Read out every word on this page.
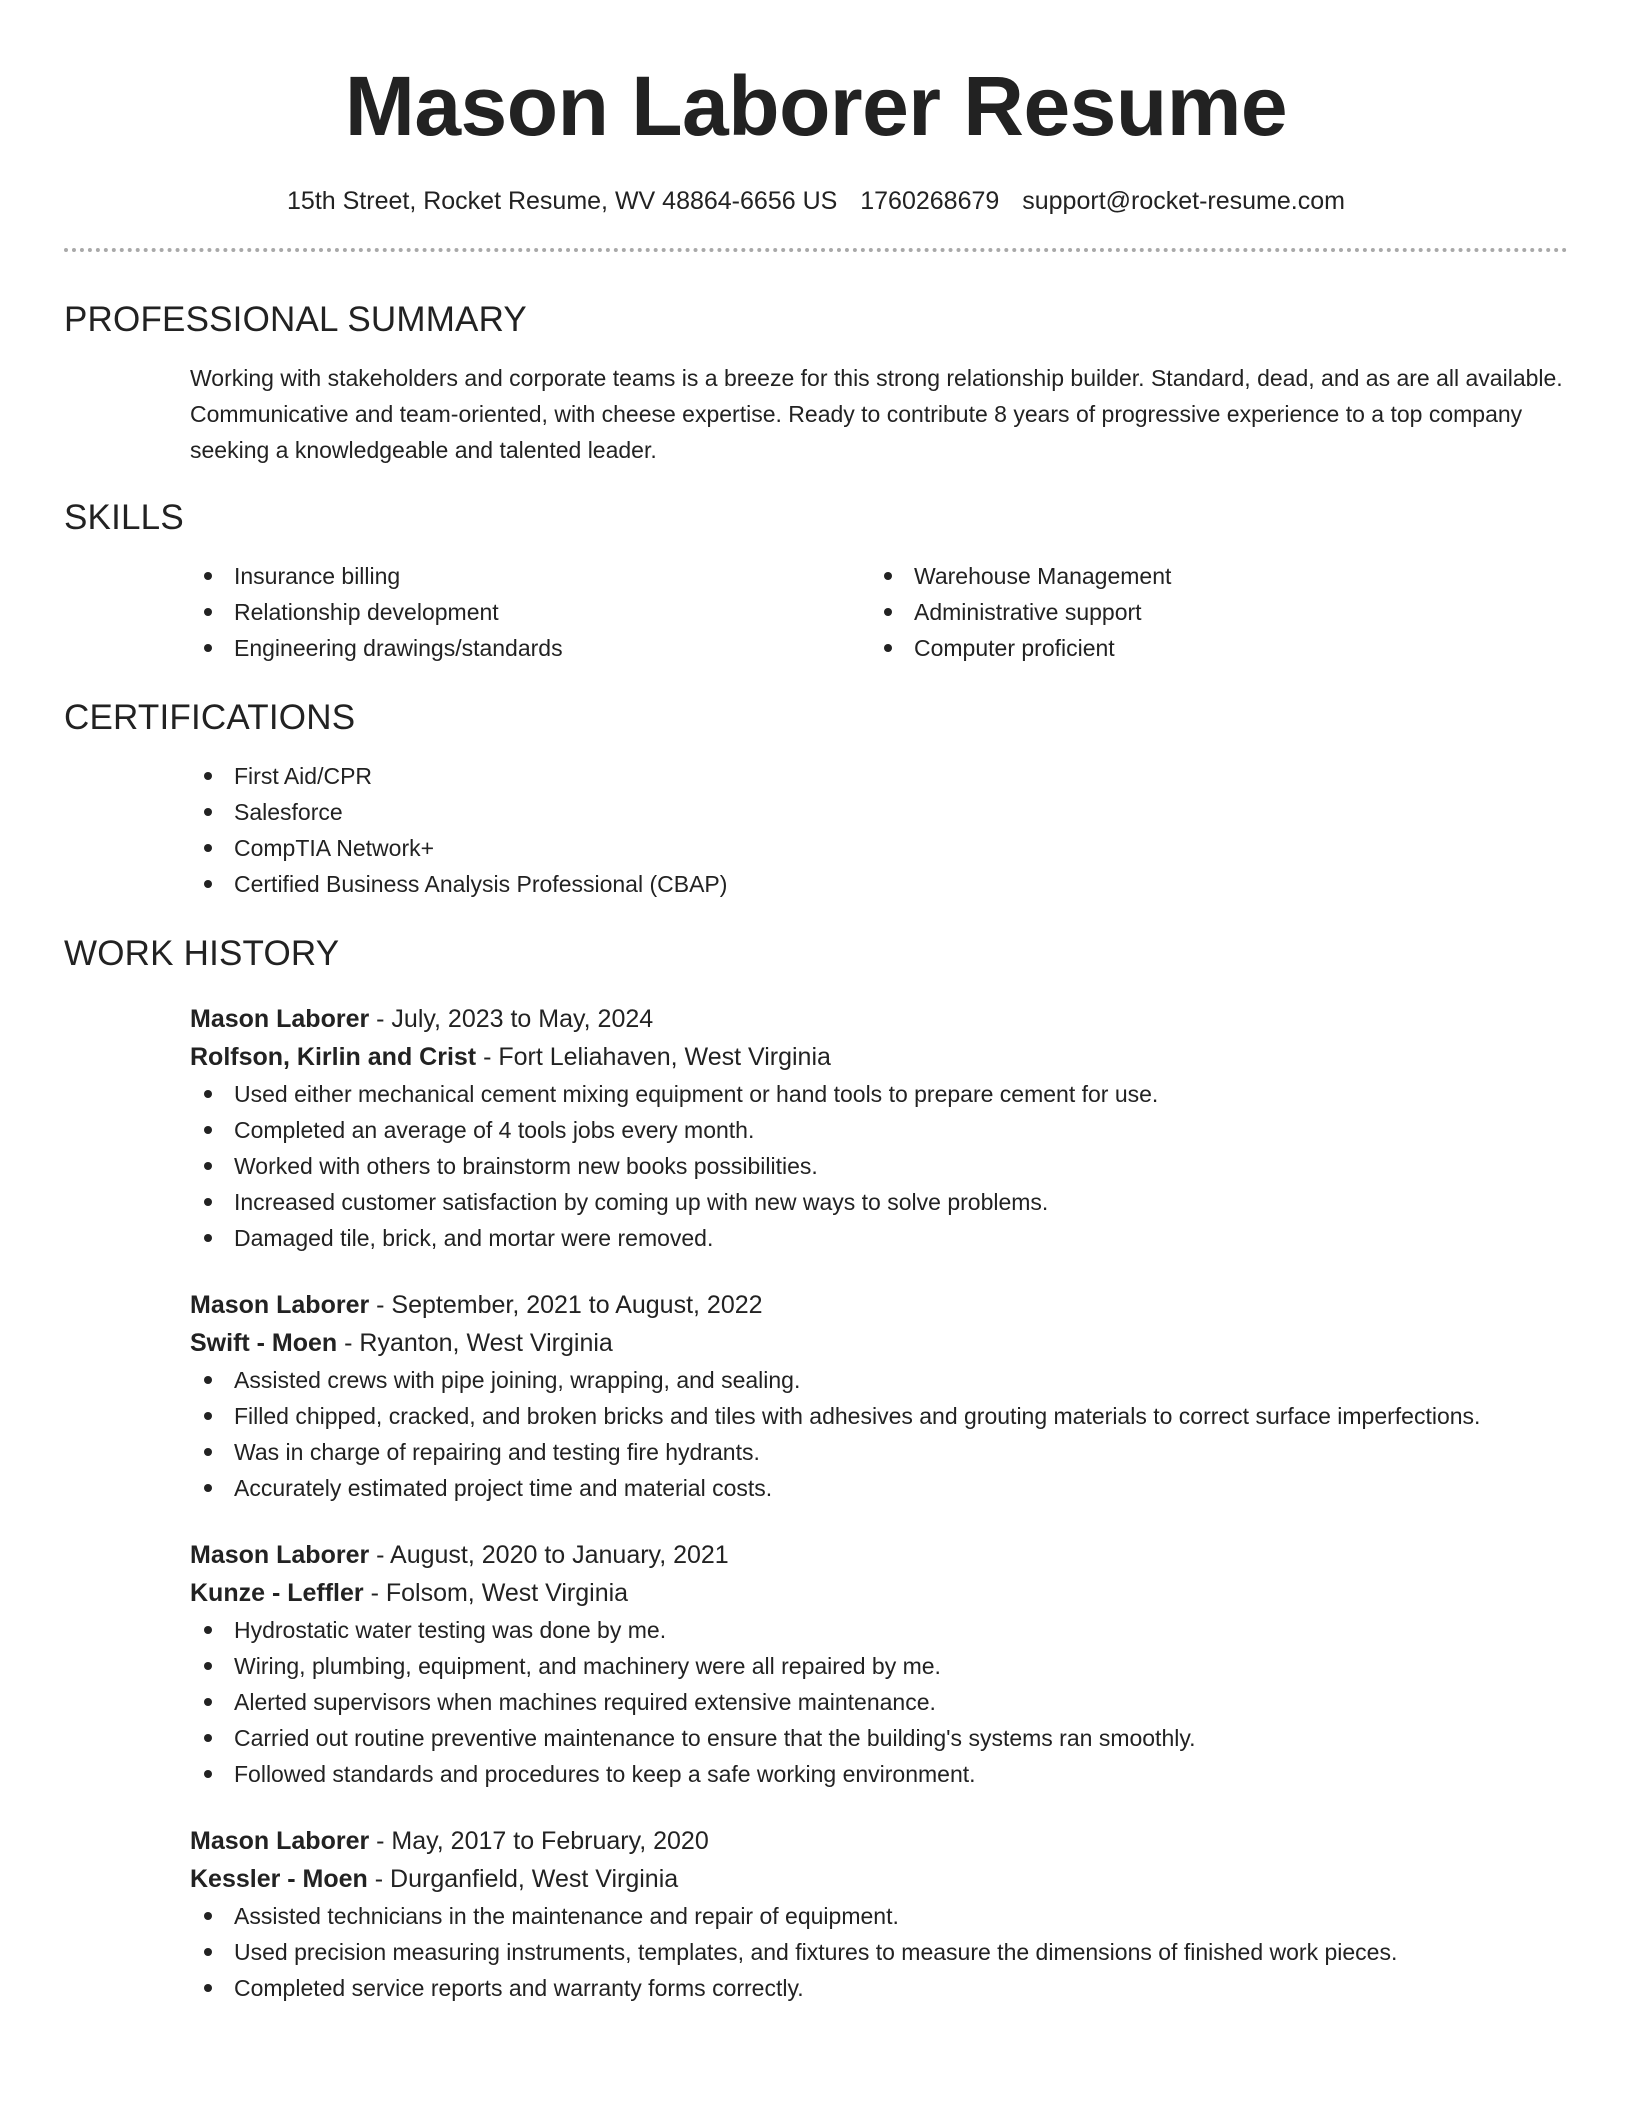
Mason Laborer Resume
15th Street, Rocket Resume, WV 48864-6656 US 1760268679 support@rocket-resume.com
PROFESSIONAL SUMMARY
Working with stakeholders and corporate teams is a breeze for this strong relationship builder. Standard, dead, and as are all available. Communicative and team-oriented, with cheese expertise. Ready to contribute 8 years of progressive experience to a top company seeking a knowledgeable and talented leader.
SKILLS
Insurance billing
Relationship development
Engineering drawings/standards
Warehouse Management
Administrative support
Computer proficient
CERTIFICATIONS
First Aid/CPR
Salesforce
CompTIA Network+
Certified Business Analysis Professional (CBAP)
WORK HISTORY
Mason Laborer - July, 2023 to May, 2024
Rolfson, Kirlin and Crist - Fort Leliahaven, West Virginia
Used either mechanical cement mixing equipment or hand tools to prepare cement for use.
Completed an average of 4 tools jobs every month.
Worked with others to brainstorm new books possibilities.
Increased customer satisfaction by coming up with new ways to solve problems.
Damaged tile, brick, and mortar were removed.
Mason Laborer - September, 2021 to August, 2022
Swift - Moen - Ryanton, West Virginia
Assisted crews with pipe joining, wrapping, and sealing.
Filled chipped, cracked, and broken bricks and tiles with adhesives and grouting materials to correct surface imperfections.
Was in charge of repairing and testing fire hydrants.
Accurately estimated project time and material costs.
Mason Laborer - August, 2020 to January, 2021
Kunze - Leffler - Folsom, West Virginia
Hydrostatic water testing was done by me.
Wiring, plumbing, equipment, and machinery were all repaired by me.
Alerted supervisors when machines required extensive maintenance.
Carried out routine preventive maintenance to ensure that the building's systems ran smoothly.
Followed standards and procedures to keep a safe working environment.
Mason Laborer - May, 2017 to February, 2020
Kessler - Moen - Durganfield, West Virginia
Assisted technicians in the maintenance and repair of equipment.
Used precision measuring instruments, templates, and fixtures to measure the dimensions of finished work pieces.
Completed service reports and warranty forms correctly.
